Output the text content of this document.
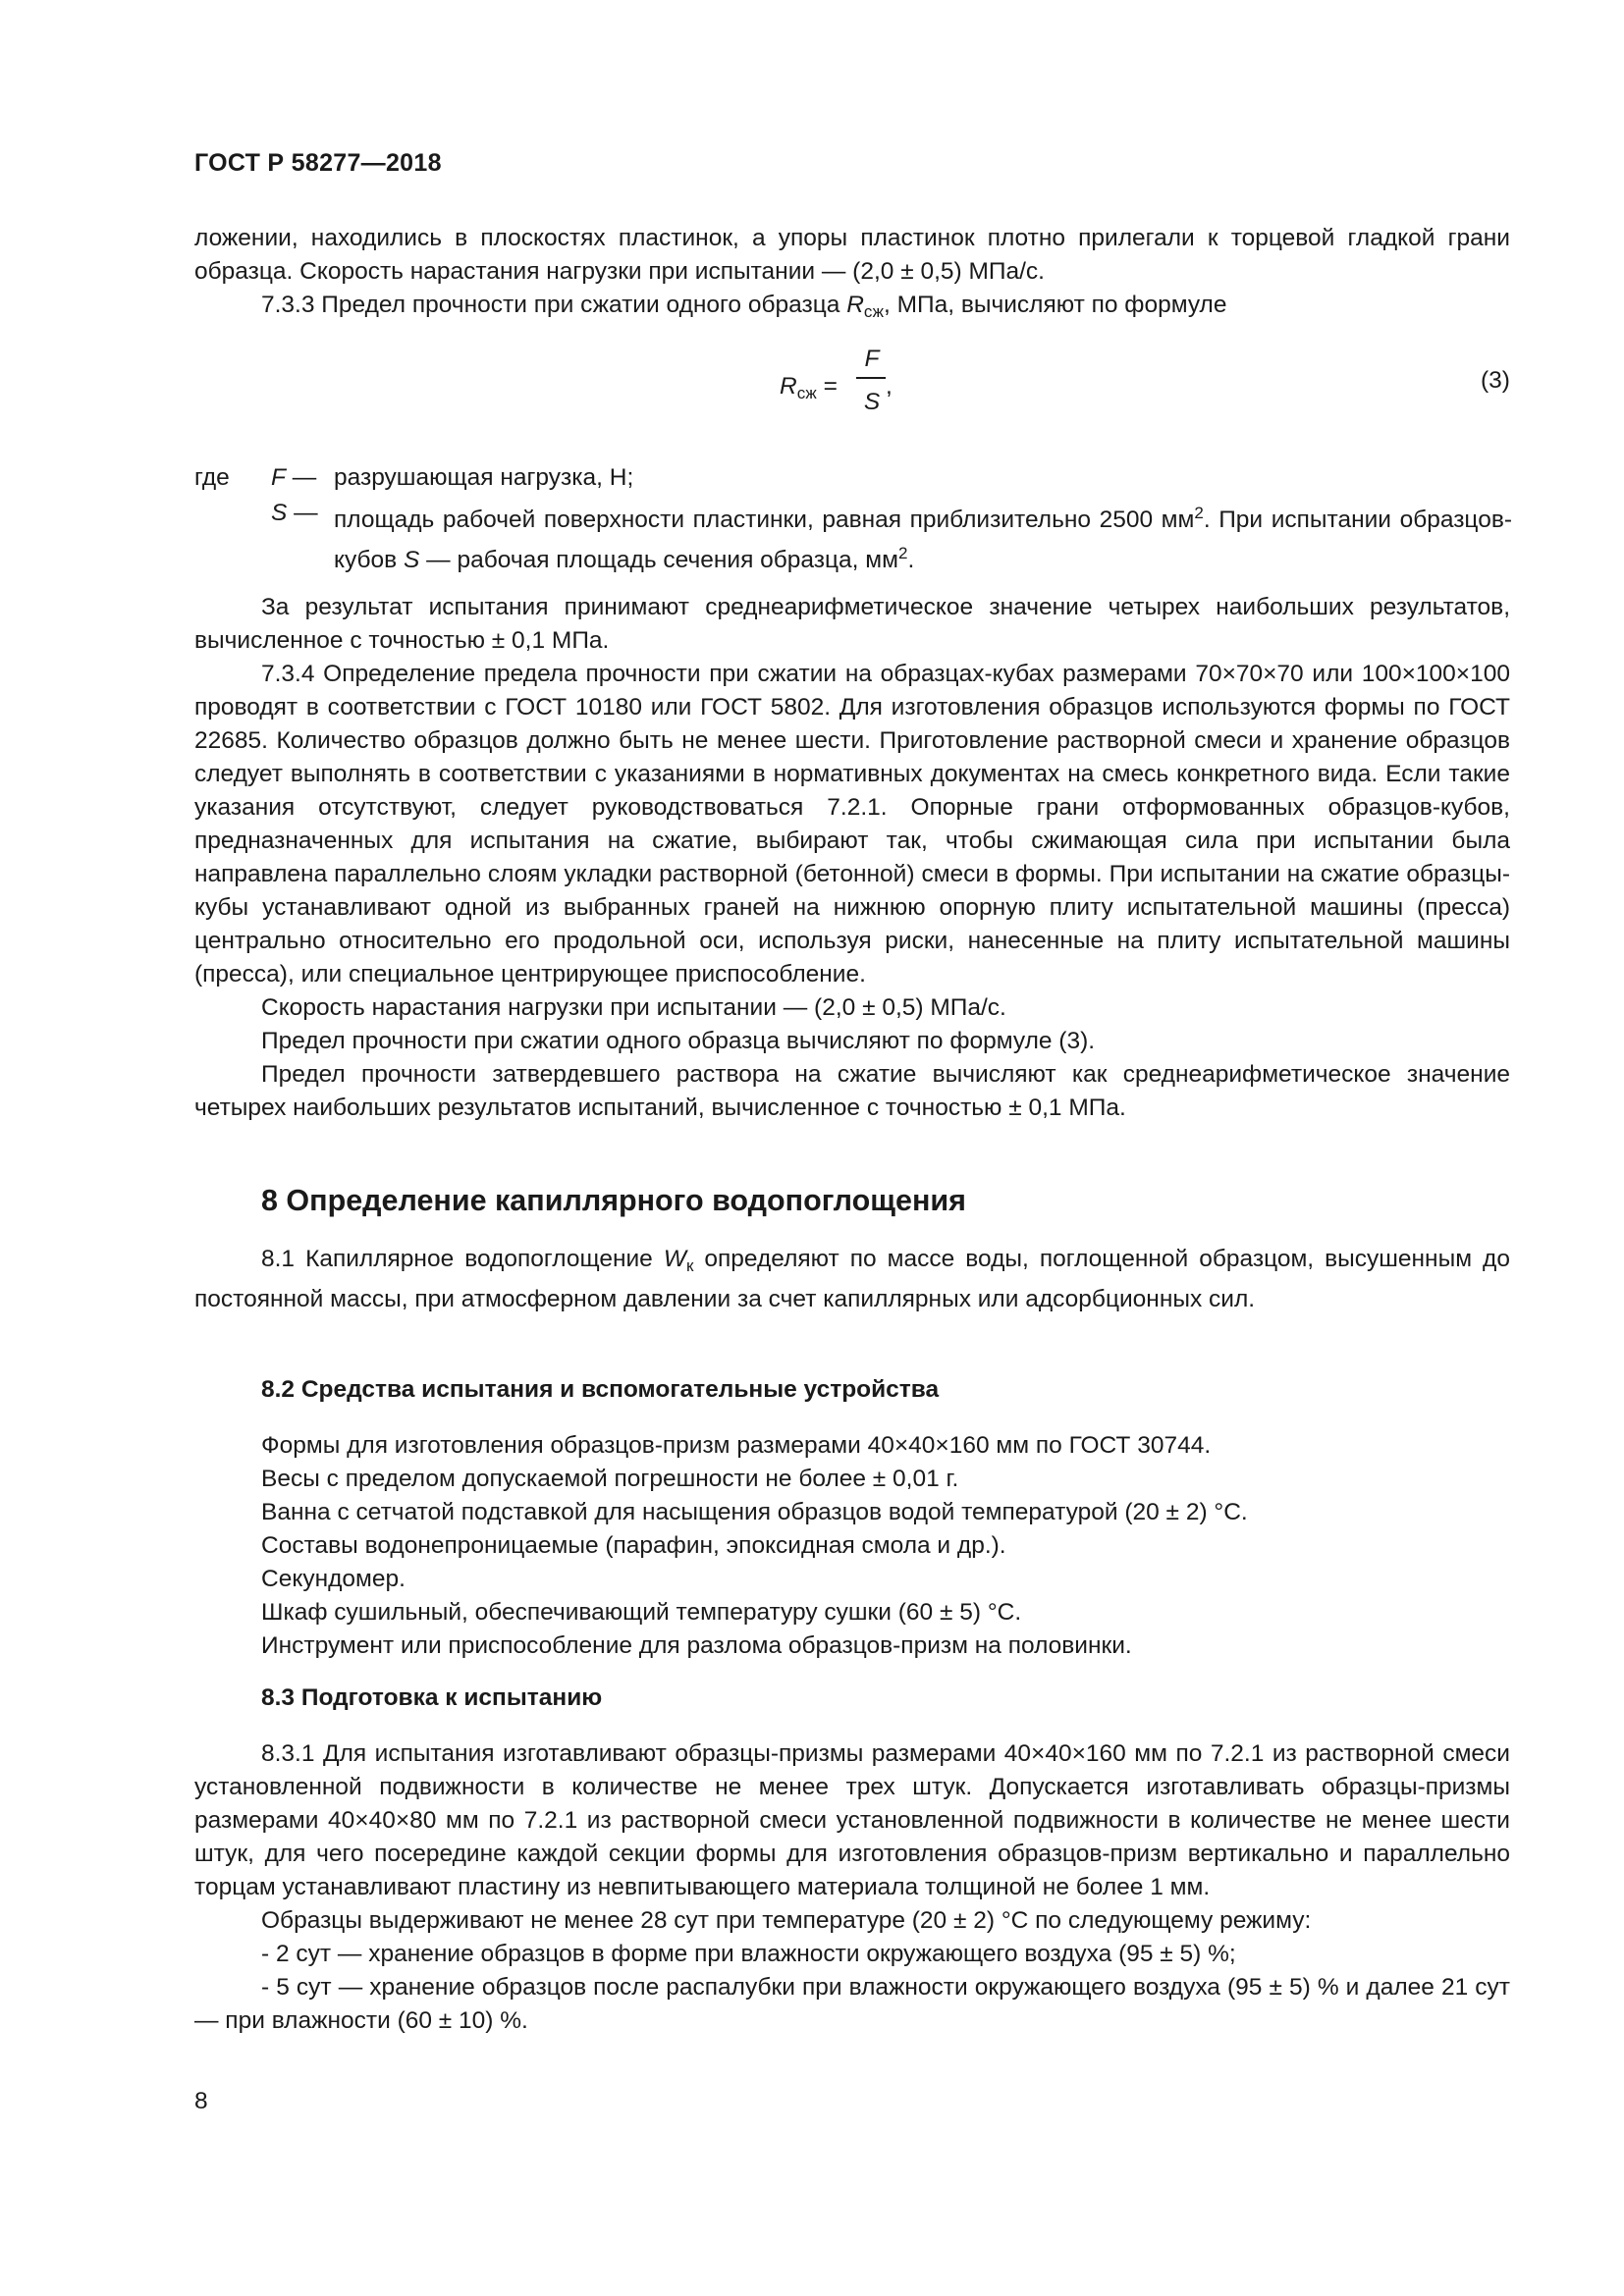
ГОСТ Р 58277—2018

ложении, находились в плоскостях пластинок, а упоры пластинок плотно прилегали к торцевой гладкой грани образца. Скорость нарастания нагрузки при испытании — (2,0 ± 0,5) МПа/с.

7.3.3 Предел прочности при сжатии одного образца $R_{сж}$, МПа, вычисляют по формуле

$R_{сж}$ =
F
S
,	(3)
где F — разрушающая нагрузка, Н;
S — площадь рабочей поверхности пластинки, равная приблизительно 2500 $мм^2$. При испытании образцов-кубов S — рабочая площадь сечения образца, $мм^2$.

За результат испытания принимают среднеарифметическое значение четырех наибольших результатов, вычисленное с точностью ± 0,1 МПа.

7.3.4 Определение предела прочности при сжатии на образцах-кубах размерами 70×70×70 или 100×100×100 проводят в соответствии с ГОСТ 10180 или ГОСТ 5802. Для изготовления образцов используются формы по ГОСТ 22685. Количество образцов должно быть не менее шести. Приготовление растворной смеси и хранение образцов следует выполнять в соответствии с указаниями в нормативных документах на смесь конкретного вида. Если такие указания отсутствуют, следует руководствоваться 7.2.1. Опорные грани отформованных образцов-кубов, предназначенных для испытания на сжатие, выбирают так, чтобы сжимающая сила при испытании была направлена параллельно слоям укладки растворной (бетонной) смеси в формы. При испытании на сжатие образцы-кубы устанавливают одной из выбранных граней на нижнюю опорную плиту испытательной машины (пресса) центрально относительно его продольной оси, используя риски, нанесенные на плиту испытательной машины (пресса), или специальное центрирующее приспособление.

Скорость нарастания нагрузки при испытании — (2,0 ± 0,5) МПа/с.

Предел прочности при сжатии одного образца вычисляют по формуле (3).

Предел прочности затвердевшего раствора на сжатие вычисляют как среднеарифметическое значение четырех наибольших результатов испытаний, вычисленное с точностью ± 0,1 МПа.

8 Определение капиллярного водопоглощения

8.1 Капиллярное водопоглощение $W_к$ определяют по массе воды, поглощенной образцом, высушенным до постоянной массы, при атмосферном давлении за счет капиллярных или адсорбционных сил.

8.2 Средства испытания и вспомогательные устройства

Формы для изготовления образцов-призм размерами 40×40×160 мм по ГОСТ 30744.

Весы с пределом допускаемой погрешности не более ± 0,01 г.

Ванна с сетчатой подставкой для насыщения образцов водой температурой (20 ± 2) °С.

Составы водонепроницаемые (парафин, эпоксидная смола и др.).

Секундомер.

Шкаф сушильный, обеспечивающий температуру сушки (60 ± 5) °С.

Инструмент или приспособление для разлома образцов-призм на половинки.

8.3 Подготовка к испытанию

8.3.1 Для испытания изготавливают образцы-призмы размерами 40×40×160 мм по 7.2.1 из растворной смеси установленной подвижности в количестве не менее трех штук. Допускается изготавливать образцы-призмы размерами 40×40×80 мм по 7.2.1 из растворной смеси установленной подвижности в количестве не менее шести штук, для чего посередине каждой секции формы для изготовления образцов-призм вертикально и параллельно торцам устанавливают пластину из невпитывающего материала толщиной не более 1 мм.

Образцы выдерживают не менее 28 сут при температуре (20 ± 2) °С по следующему режиму:

- 2 сут — хранение образцов в форме при влажности окружающего воздуха (95 ± 5) %;

- 5 сут — хранение образцов после распалубки при влажности окружающего воздуха (95 ± 5) % и далее 21 сут — при влажности (60 ± 10) %.

8
